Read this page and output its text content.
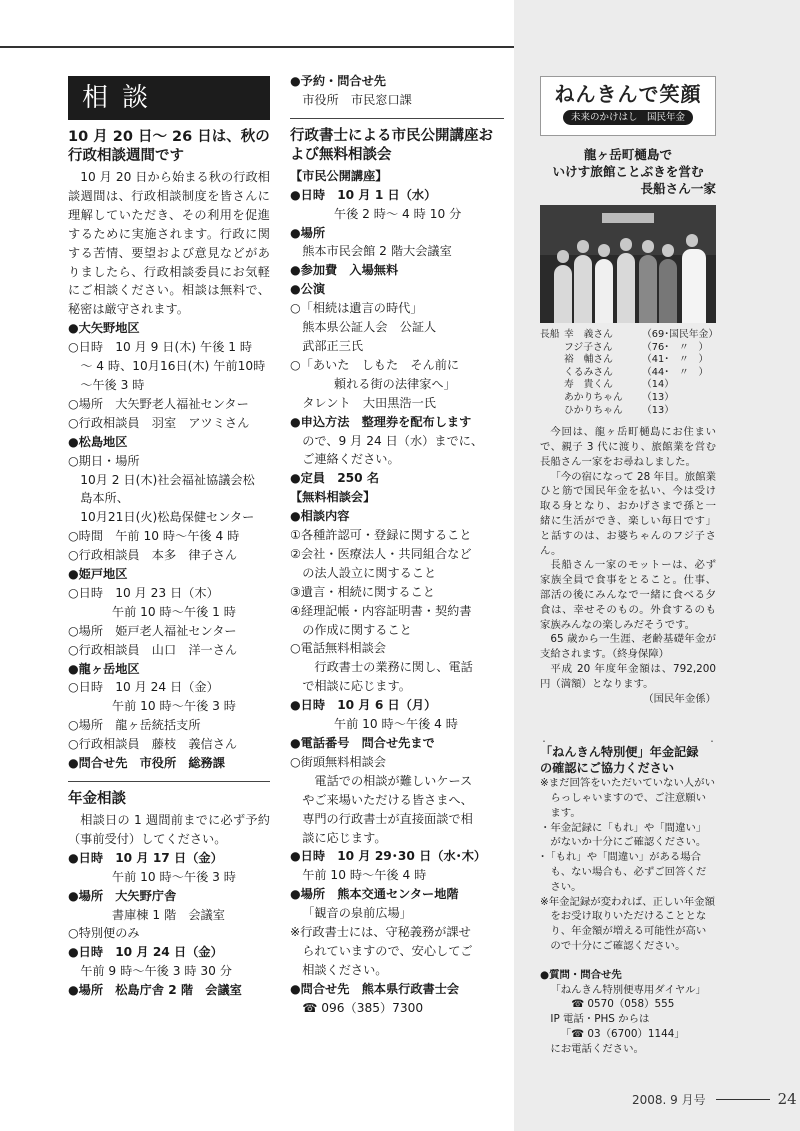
相談
10 月 20 日〜 26 日は、秋の行政相談週間です
10 月 20 日から始まる秋の行政相談週間は、行政相談制度を皆さんに理解していただき、その利用を促進するために実施されます。行政に関する苦情、要望および意見などがありましたら、行政相談委員にお気軽にご相談ください。相談は無料で、秘密は厳守されます。
●大矢野地区
○日時　10 月 9 日(木) 午後 1 時
〜 4 時、10月16日(木) 午前10時
〜午後 3 時
○場所　大矢野老人福祉センター
○行政相談員　羽室　アツミさん
●松島地区
○期日・場所
10月 2 日(木)社会福祉協議会松
島本所、
10月21日(火)松島保健センター
○時間　午前 10 時〜午後 4 時
○行政相談員　本多　律子さん
●姫戸地区
○日時　10 月 23 日（木）
午前 10 時〜午後 1 時
○場所　姫戸老人福祉センター
○行政相談員　山口　洋一さん
●龍ヶ岳地区
○日時　10 月 24 日（金）
午前 10 時〜午後 3 時
○場所　龍ヶ岳統括支所
○行政相談員　藤枝　義信さん
●問合せ先　市役所　総務課
年金相談
相談日の 1 週間前までに必ず予約（事前受付）してください。
●日時　10 月 17 日（金）
午前 10 時〜午後 3 時
●場所　大矢野庁舎
書庫棟 1 階　会議室
○特別便のみ
●日時　10 月 24 日（金）
午前 9 時〜午後 3 時 30 分
●場所　松島庁舎 2 階　会議室
●予約・問合せ先
市役所　市民窓口課
行政書士による市民公開講座および無料相談会
【市民公開講座】
●日時　10 月 1 日（水）
午後 2 時〜 4 時 10 分
●場所
熊本市民会館 2 階大会議室
●参加費　入場無料
●公演
○「相続は遺言の時代」
熊本県公証人会　公証人
武部正三氏
○「あいた　しもた　そん前に
頼れる街の法律家へ」
タレント　大田黒浩一氏
●申込方法　整理券を配布します
ので、9 月 24 日（水）までに、
ご連絡ください。
●定員　250 名
【無料相談会】
●相談内容
①各種許認可・登録に関すること
②会社・医療法人・共同組合など
の法人設立に関すること
③遺言・相続に関すること
④経理記帳・内容証明書・契約書
の作成に関すること
○電話無料相談会
行政書士の業務に関し、電話
で相談に応じます。
●日時　10 月 6 日（月）
午前 10 時〜午後 4 時
●電話番号　問合せ先まで
○街頭無料相談会
電話での相談が難しいケース
やご来場いただける皆さまへ、
専門の行政書士が直接面談で相
談に応じます。
●日時　10 月 29･30 日（水･木）
午前 10 時〜午後 4 時
●場所　熊本交通センター地階
「観音の泉前広場」
※行政書士には、守秘義務が課せ
られていますので、安心してご
相談ください。
●問合せ先　熊本県行政書士会
☎ 096（385）7300
ねんきんで笑顔
未来のかけはし　国民年金
龍ヶ岳町樋島で
いけす旅館ことぶきを営む
長船さん一家
長船	幸　義さん	（69･国民年金）
	フジ子さん	（76･　〃　）
	裕　輔さん	（41･　〃　）
	くるみさん	（44･　〃　）
	寿　貴くん	（14）
	あかりちゃん	（13）
	ひかりちゃん	（13）
今回は、龍ヶ岳町樋島にお住まいで、親子 3 代に渡り、旅館業を営む長船さん一家をお尋ねしました。
「今の宿になって 28 年目。旅館業ひと筋で国民年金を払い、今は受け取る身となり、おかげさまで孫と一緒に生活ができ、楽しい毎日です」と話すのは、お婆ちゃんのフジ子さん。
長船さん一家のモットーは、必ず家族全員で食事をとること。仕事、部活の後にみんなで一緒に食べる夕食は、幸せそのもの。外食するのも家族みんなの楽しみだそうです。
65 歳から一生涯、老齢基礎年金が支給されます。（終身保障）
平成 20 年度年金額は、792,200 円（満額）となります。
（国民年金係）
「ねんきん特別便」年金記録
の確認にご協力ください
※まだ回答をいただいていない人がいらっしゃいますので、ご注意願います。
・年金記録に「もれ」や「間違い」がないか十分にご確認ください。
･「もれ」や「間違い」がある場合も、ない場合も、必ずご回答ください。
※年金記録が変われば、正しい年金額をお受け取りいただけることとなり、年金額が増える可能性が高いので十分にご確認ください。
●質問・問合せ先
「ねんきん特別便専用ダイヤル」
☎ 0570（058）555
IP 電話・PHS からは
「☎ 03（6700）1144」
にお電話ください。
・	・
2008. 9 月号	24
